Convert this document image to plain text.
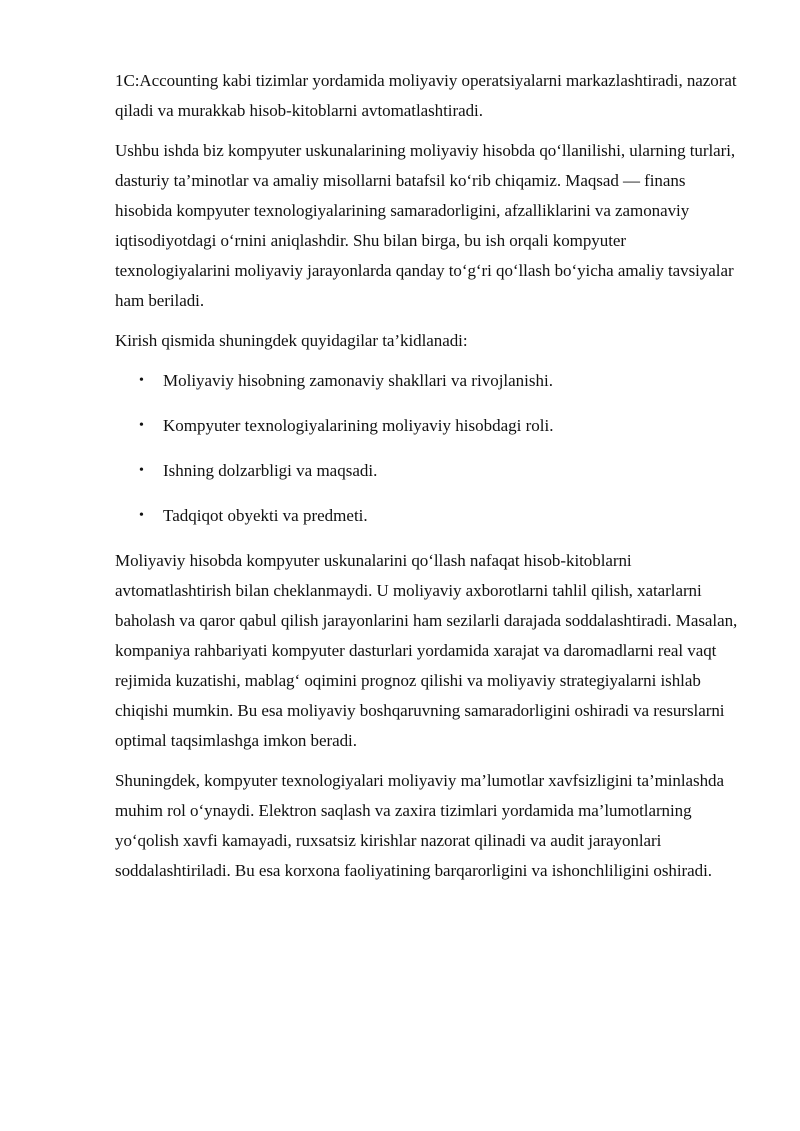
1C:Accounting kabi tizimlar yordamida moliyaviy operatsiyalarni markazlashtiradi, nazorat qiladi va murakkab hisob-kitoblarni avtomatlashtiradi.

Ushbu ishda biz kompyuter uskunalarining moliyaviy hisobda qo‘llanilishi, ularning turlari, dasturiy ta’minotlar va amaliy misollarni batafsil ko‘rib chiqamiz. Maqsad — finans hisobida kompyuter texnologiyalarining samaradorligini, afzalliklarini va zamonaviy iqtisodiyotdagi o‘rnini aniqlashdir. Shu bilan birga, bu ish orqali kompyuter texnologiyalarini moliyaviy jarayonlarda qanday to‘g‘ri qo‘llash bo‘yicha amaliy tavsiyalar ham beriladi.

Kirish qismida shuningdek quyidagilar ta’kidlanadi:

• Moliyaviy hisobning zamonaviy shakllari va rivojlanishi.
• Kompyuter texnologiyalarining moliyaviy hisobdagi roli.
• Ishning dolzarbligi va maqsadi.
• Tadqiqot obyekti va predmeti.

Moliyaviy hisobda kompyuter uskunalarini qo‘llash nafaqat hisob-kitoblarni avtomatlashtirish bilan cheklanmaydi. U moliyaviy axborotlarni tahlil qilish, xatarlarni baholash va qaror qabul qilish jarayonlarini ham sezilarli darajada soddalashtiradi. Masalan, kompaniya rahbariyati kompyuter dasturlari yordamida xarajat va daromadlarni real vaqt rejimida kuzatishi, mablag‘ oqimini prognoz qilishi va moliyaviy strategiyalarni ishlab chiqishi mumkin. Bu esa moliyaviy boshqaruvning samaradorligini oshiradi va resurslarni optimal taqsimlashga imkon beradi.

Shuningdek, kompyuter texnologiyalari moliyaviy ma’lumotlar xavfsizligini ta’minlashda muhim rol o‘ynaydi. Elektron saqlash va zaxira tizimlari yordamida ma’lumotlarning yo‘qolish xavfi kamayadi, ruxsatsiz kirishlar nazorat qilinadi va audit jarayonlari soddalashtiriladi. Bu esa korxona faoliyatining barqarorligini va ishonchliligini oshiradi.
